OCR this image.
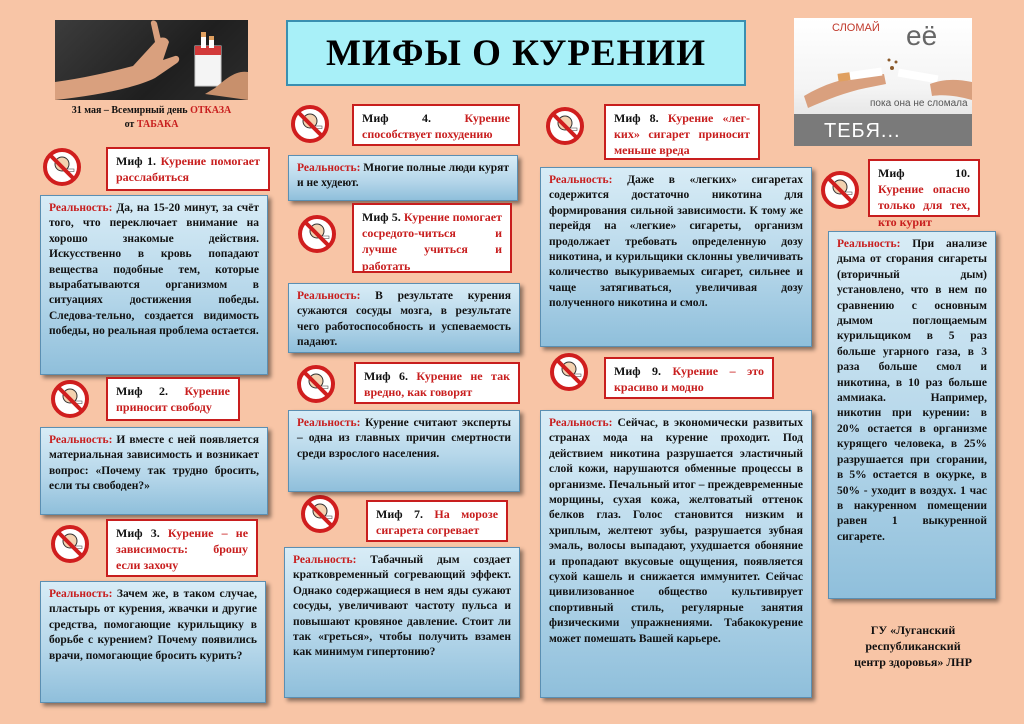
МИФЫ О КУРЕНИИ
31 мая – Всемирный день ОТКАЗА
от ТАБАКА
СЛОМАЙ её
пока она не сломала
ТЕБЯ...
Миф 1. Курение помогает расслабиться
Реальность: Да, на 15-20 минут, за счёт того, что переключает внимание на хорошо знакомые действия. Искусственно в кровь попадают вещества подобные тем, которые вырабатываются организмом в ситуациях достижения победы. Следова-тельно, создается видимость победы, но реальная проблема остается.
Миф 2. Курение приносит свободу
Реальность: И вместе с ней появляется материальная зависимость и возникает вопрос: «Почему так трудно бросить, если ты свободен?»
Миф 3. Курение – не зависимость: брошу если захочу
Реальность: Зачем же, в таком случае, пластырь от курения, жвачки и другие средства, помогающие курильщику в борьбе с курением? Почему появились врачи, помогающие бросить курить?
Миф 4.	Курение способствует похудению
Реальность: Многие полные люди курят и не худеют.
Миф 5. Курение помогает сосредото-читься и лучше учиться и работать
Реальность: В результате курения сужаются сосуды мозга, в результате чего работоспособность и успеваемость падают.
Миф 6. Курение не так вредно, как говорят
Реальность: Курение считают эксперты – одна из главных причин смертности среди взрослого населения.
Миф 7. На морозе сигарета согревает
Реальность: Табачный дым создает кратковременный согревающий эффект. Однако содержащиеся в нем яды сужают сосуды, увеличивают частоту пульса и повышают кровяное давление. Стоит ли так «греться», чтобы получить взамен как минимум гипертонию?
Миф 8. Курение «лег-ких» сигарет приносит меньше вреда
Реальность: Даже в «легких» сигаретах содержится достаточно никотина для формирования сильной зависимости. К тому же перейдя на «легкие» сигареты, организм продолжает требовать определенную дозу никотина, и курильщики склонны увеличивать количество выкуриваемых сигарет, сильнее и чаще затягиваться, увеличивая дозу полученного никотина и смол.
Миф 9. Курение – это красиво и модно
Реальность: Сейчас, в экономически развитых странах мода на курение проходит. Под действием никотина разрушается эластичный слой кожи, нарушаются обменные процессы в организме. Печальный итог – преждевременные морщины, сухая кожа, желтоватый оттенок белков глаз. Голос становится низким и хриплым, желтеют зубы, разрушается зубная эмаль, волосы выпадают, ухудшается обоняние и пропадают вкусовые ощущения, появляется сухой кашель и снижается иммунитет. Сейчас цивилизованное общество культивирует спортивный стиль, регулярные занятия физическими упражнениями. Табакокурение может помешать Вашей карьере.
Миф 10. Курение опасно только для тех, кто курит
Реальность: При анализе дыма от сгорания сигареты (вторичный дым) установлено, что в нем по сравнению с основным дымом поглощаемым курильщиком в 5 раз больше угарного газа, в 3 раза больше смол и никотина, в 10 раз больше аммиака. Например, никотин при курении: в 20% остается в организме курящего человека, в 25% разрушается при сгорании, в 5% остается в окурке, в 50% - уходит в воздух. 1 час в накуренном помещении равен 1 выкуренной сигарете.
ГУ «Луганский республиканский центр здоровья» ЛНР
